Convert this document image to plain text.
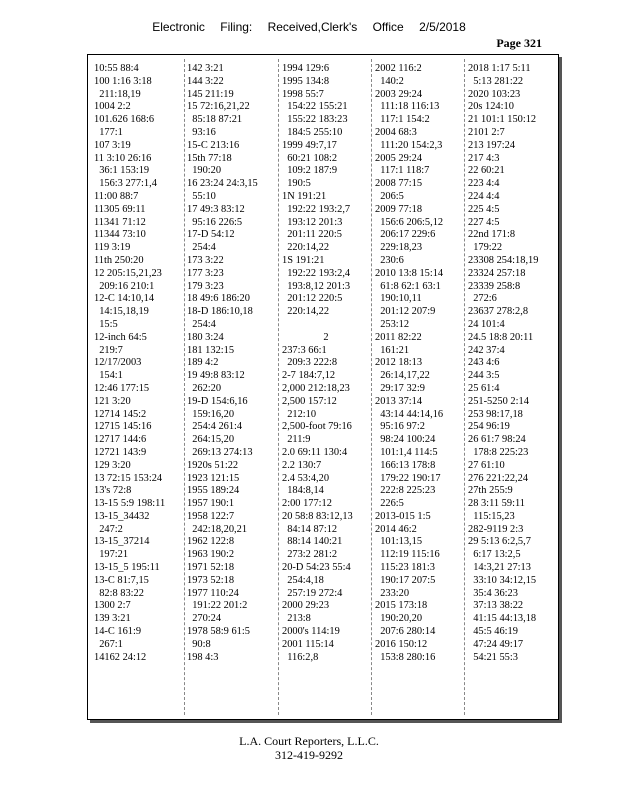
Electronic Filing: Received,Clerk's Office 2/5/2018
Page 321
10:55 88:4
100 1:16 3:18
211:18,19
1004 2:2
101.626 168:6
177:1
107 3:19
11 3:10 26:16
36:1 153:19
156:3 277:1,4
11:00 88:7
11305 69:11
11341 71:12
11344 73:10
119 3:19
11th 250:20
12 205:15,21,23
209:16 210:1
12-C 14:10,14
14:15,18,19
15:5
12-inch 64:5
219:7
12/17/2003
154:1
12:46 177:15
121 3:20
12714 145:2
12715 145:16
12717 144:6
12721 143:9
129 3:20
13 72:15 153:24
13's 72:8
13-15 5:9 198:11
13-15_34432
247:2
13-15_37214
197:21
13-15_5 195:11
13-C 81:7,15
82:8 83:22
1300 2:7
139 3:21
14-C 161:9
267:1
14162 24:12
142 3:21
144 3:22
145 211:19
15 72:16,21,22
85:18 87:21
93:16
15-C 213:16
15th 77:18
190:20
16 23:24 24:3,15
55:10
17 49:3 83:12
95:16 226:5
17-D 54:12
254:4
173 3:22
177 3:23
179 3:23
18 49:6 186:20
18-D 186:10,18
254:4
180 3:24
181 132:15
189 4:2
19 49:8 83:12
262:20
19-D 154:6,16
159:16,20
254:4 261:4
264:15,20
269:13 274:13
1920s 51:22
1923 121:15
1955 189:24
1957 190:1
1958 122:7
242:18,20,21
1962 122:8
1963 190:2
1971 52:18
1973 52:18
1977 110:24
191:22 201:2
270:24
1978 58:9 61:5
90:8
198 4:3
1994 129:6
1995 134:8
1998 55:7
154:22 155:21
155:22 183:23
184:5 255:10
1999 49:7,17
60:21 108:2
109:2 187:9
190:5
1N 191:21
192:22 193:2,7
193:12 201:3
201:11 220:5
220:14,22
1S 191:21
192:22 193:2,4
193:8,12 201:3
201:12 220:5
220:14,22
2
237:3 66:1
209:3 222:8
2-7 184:7,12
2,000 212:18,23
2,500 157:12
212:10
2,500-foot 79:16
211:9
2.0 69:11 130:4
2.2 130:7
2.4 53:4,20
184:8,14
2:00 177:12
20 58:8 83:12,13
84:14 87:12
88:14 140:21
273:2 281:2
20-D 54:23 55:4
254:4,18
257:19 272:4
2000 29:23
213:8
2000's 114:19
2001 115:14
116:2,8
2002 116:2
140:2
2003 29:24
111:18 116:13
117:1 154:2
2004 68:3
111:20 154:2,3
2005 29:24
117:1 118:7
2008 77:15
206:5
2009 77:18
156:6 206:5,12
206:17 229:6
229:18,23
230:6
2010 13:8 15:14
61:8 62:1 63:1
190:10,11
201:12 207:9
253:12
2011 82:22
161:21
2012 18:13
26:14,17,22
29:17 32:9
2013 37:14
43:14 44:14,16
95:16 97:2
98:24 100:24
101:1,4 114:5
166:13 178:8
179:22 190:17
222:8 225:23
226:5
2013-015 1:5
2014 46:2
101:13,15
112:19 115:16
115:23 181:3
190:17 207:5
233:20
2015 173:18
190:20,20
207:6 280:14
2016 150:12
153:8 280:16
2018 1:17 5:11
5:13 281:22
2020 103:23
20s 124:10
21 101:1 150:12
2101 2:7
213 197:24
217 4:3
22 60:21
223 4:4
224 4:4
225 4:5
227 4:5
22nd 171:8
179:22
23308 254:18,19
23324 257:18
23339 258:8
272:6
23637 278:2,8
24 101:4
24.5 18:8 20:11
242 37:4
243 4:6
244 3:5
25 61:4
251-5250 2:14
253 98:17,18
254 96:19
26 61:7 98:24
178:8 225:23
27 61:10
276 221:22,24
27th 255:9
28 3:11 59:11
115:15,23
282-9119 2:3
29 5:13 6:2,5,7
6:17 13:2,5
14:3,21 27:13
33:10 34:12,15
35:4 36:23
37:13 38:22
41:15 44:13,18
45:5 46:19
47:24 49:17
54:21 55:3
L.A. Court Reporters, L.L.C.
312-419-9292
